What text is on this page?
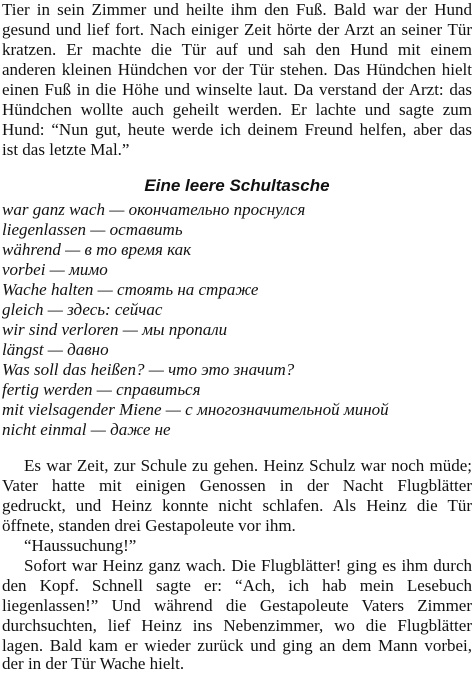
Tier in sein Zimmer und heilte ihm den Fuß. Bald war der Hund
gesund und lief fort. Nach einiger Zeit hörte der Arzt an seiner Tür
kratzen. Er machte die Tür auf und sah den Hund mit einem
anderen kleinen Hündchen vor der Tür stehen. Das Hündchen hielt
einen Fuß in die Höhe und winselte laut. Da verstand der Arzt: das
Hündchen wollte auch geheilt werden. Er lachte und sagte zum
Hund: “Nun gut, heute werde ich deinem Freund helfen, aber das
ist das letzte Mal.”
Eine leere Schultasche
war ganz wach — окончательно проснулся
liegenlassen — оставить
während — в то время как
vorbei — мимо
Wache halten — стоять на страже
gleich — здесь: сейчас
wir sind verloren — мы пропали
längst — давно
Was soll das heißen? — что это значит?
fertig werden — справиться
mit vielsagender Miene — с многозначительной миной
nicht einmal — даже не
Es war Zeit, zur Schule zu gehen. Heinz Schulz war noch müde;
Vater hatte mit einigen Genossen in der Nacht Flugblätter
gedruckt, und Heinz konnte nicht schlafen. Als Heinz die Tür
öffnete, standen drei Gestapoleute vor ihm.
“Haussuchung!”
Sofort war Heinz ganz wach. Die Flugblätter! ging es ihm durch
den Kopf. Schnell sagte er: “Ach, ich hab mein Lesebuch
liegenlassen!” Und während die Gestapoleute Vaters Zimmer
durchsuchten, lief Heinz ins Nebenzimmer, wo die Flugblätter
lagen. Bald kam er wieder zurück und ging an dem Mann vorbei,
der in der Tür Wache hielt.
